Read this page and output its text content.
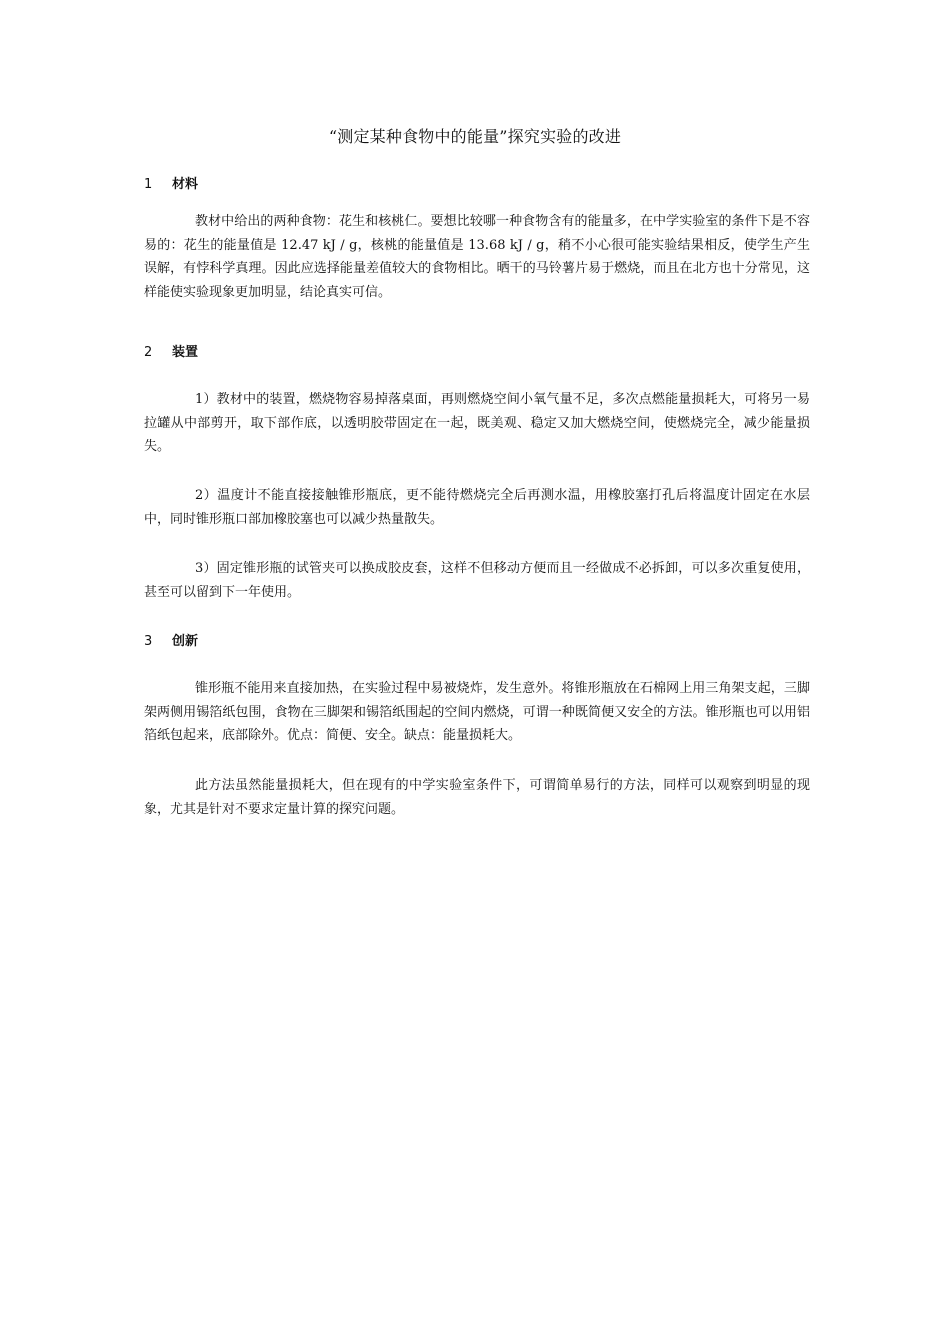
“测定某种食物中的能量”探究实验的改进
1 材料

教材中给出的两种食物：花生和核桃仁。要想比较哪一种食物含有的能量多，在中学实验室的条件下是不容易的：花生的能量值是 12.47 kJ / g，核桃的能量值是 13.68 kJ / g，稍不小心很可能实验结果相反，使学生产生误解，有悖科学真理。因此应选择能量差值较大的食物相比。晒干的马铃薯片易于燃烧，而且在北方也十分常见，这样能使实验现象更加明显，结论真实可信。

2 装置

1）教材中的装置，燃烧物容易掉落桌面，再则燃烧空间小氧气量不足，多次点燃能量损耗大，可将另一易拉罐从中部剪开，取下部作底，以透明胶带固定在一起，既美观、稳定又加大燃烧空间，使燃烧完全，减少能量损失。

2）温度计不能直接接触锥形瓶底，更不能待燃烧完全后再测水温，用橡胶塞打孔后将温度计固定在水层中，同时锥形瓶口部加橡胶塞也可以减少热量散失。

3）固定锥形瓶的试管夹可以换成胶皮套，这样不但移动方便而且一经做成不必拆卸，可以多次重复使用，甚至可以留到下一年使用。

3 创新

锥形瓶不能用来直接加热，在实验过程中易被烧炸，发生意外。将锥形瓶放在石棉网上用三角架支起，三脚架两侧用锡箔纸包围，食物在三脚架和锡箔纸围起的空间内燃烧，可谓一种既简便又安全的方法。锥形瓶也可以用铝箔纸包起来，底部除外。优点：简便、安全。缺点：能量损耗大。

此方法虽然能量损耗大，但在现有的中学实验室条件下，可谓简单易行的方法，同样可以观察到明显的现象，尤其是针对不要求定量计算的探究问题。
